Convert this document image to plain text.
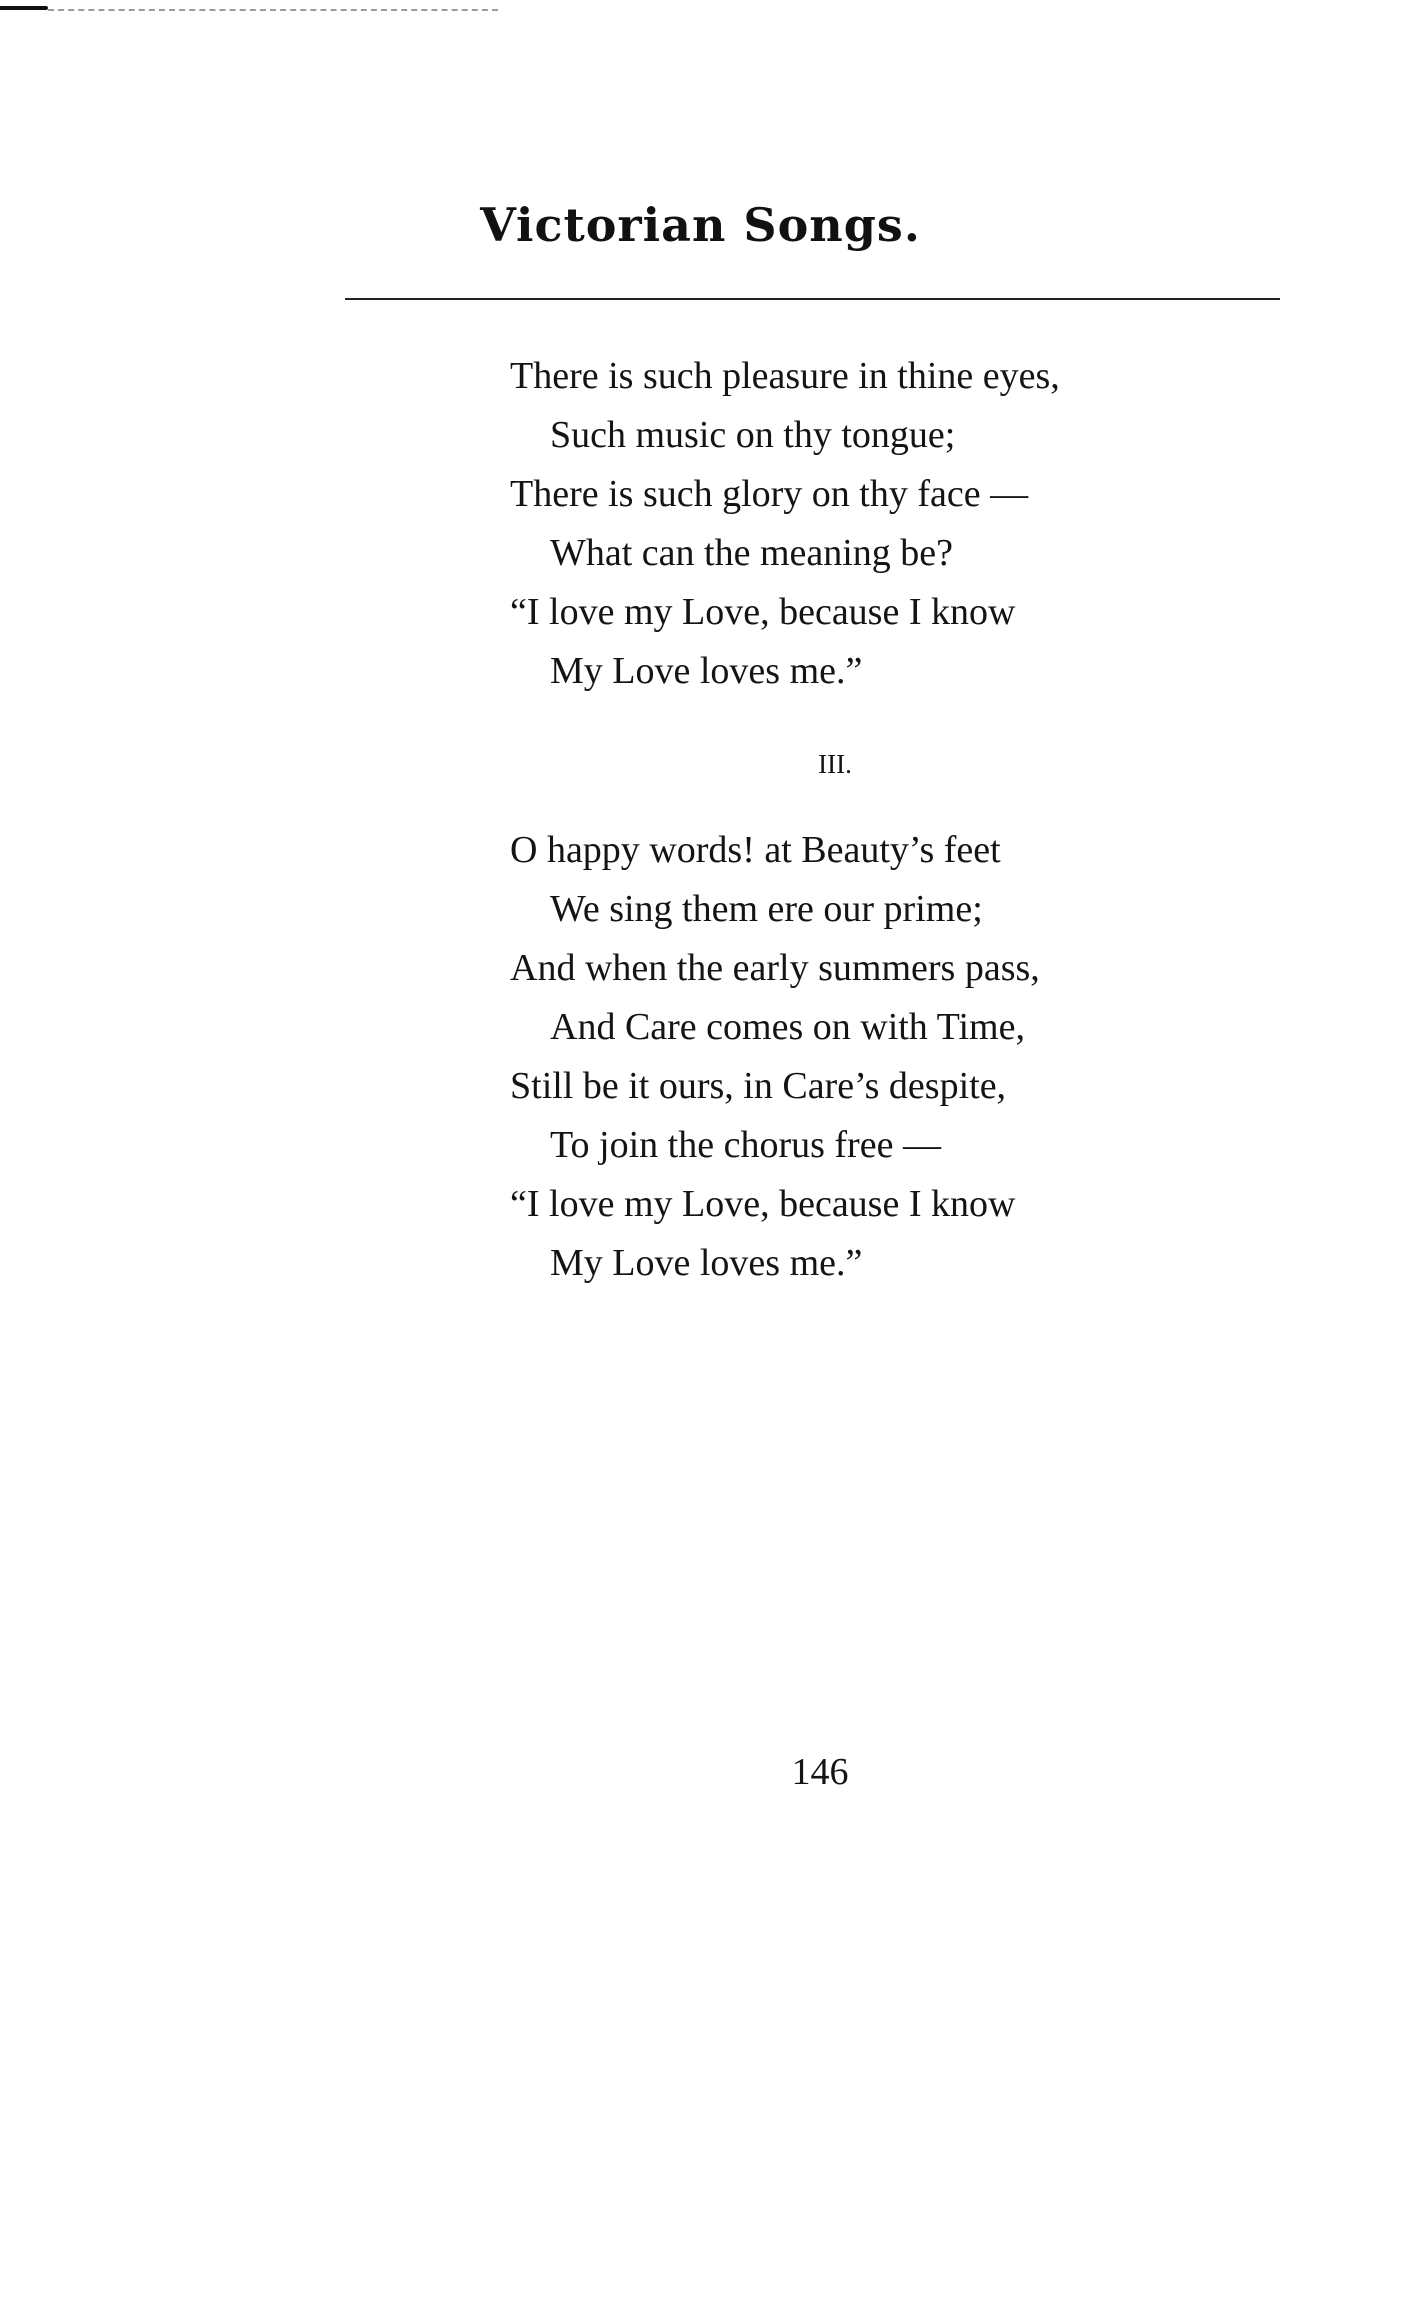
Victorian Songs.
There is such pleasure in thine eyes,
Such music on thy tongue;
There is such glory on thy face —
What can the meaning be?
“I love my Love, because I know
My Love loves me.”
III.
O happy words! at Beauty’s feet
We sing them ere our prime;
And when the early summers pass,
And Care comes on with Time,
Still be it ours, in Care’s despite,
To join the chorus free —
“I love my Love, because I know
My Love loves me.”
146
